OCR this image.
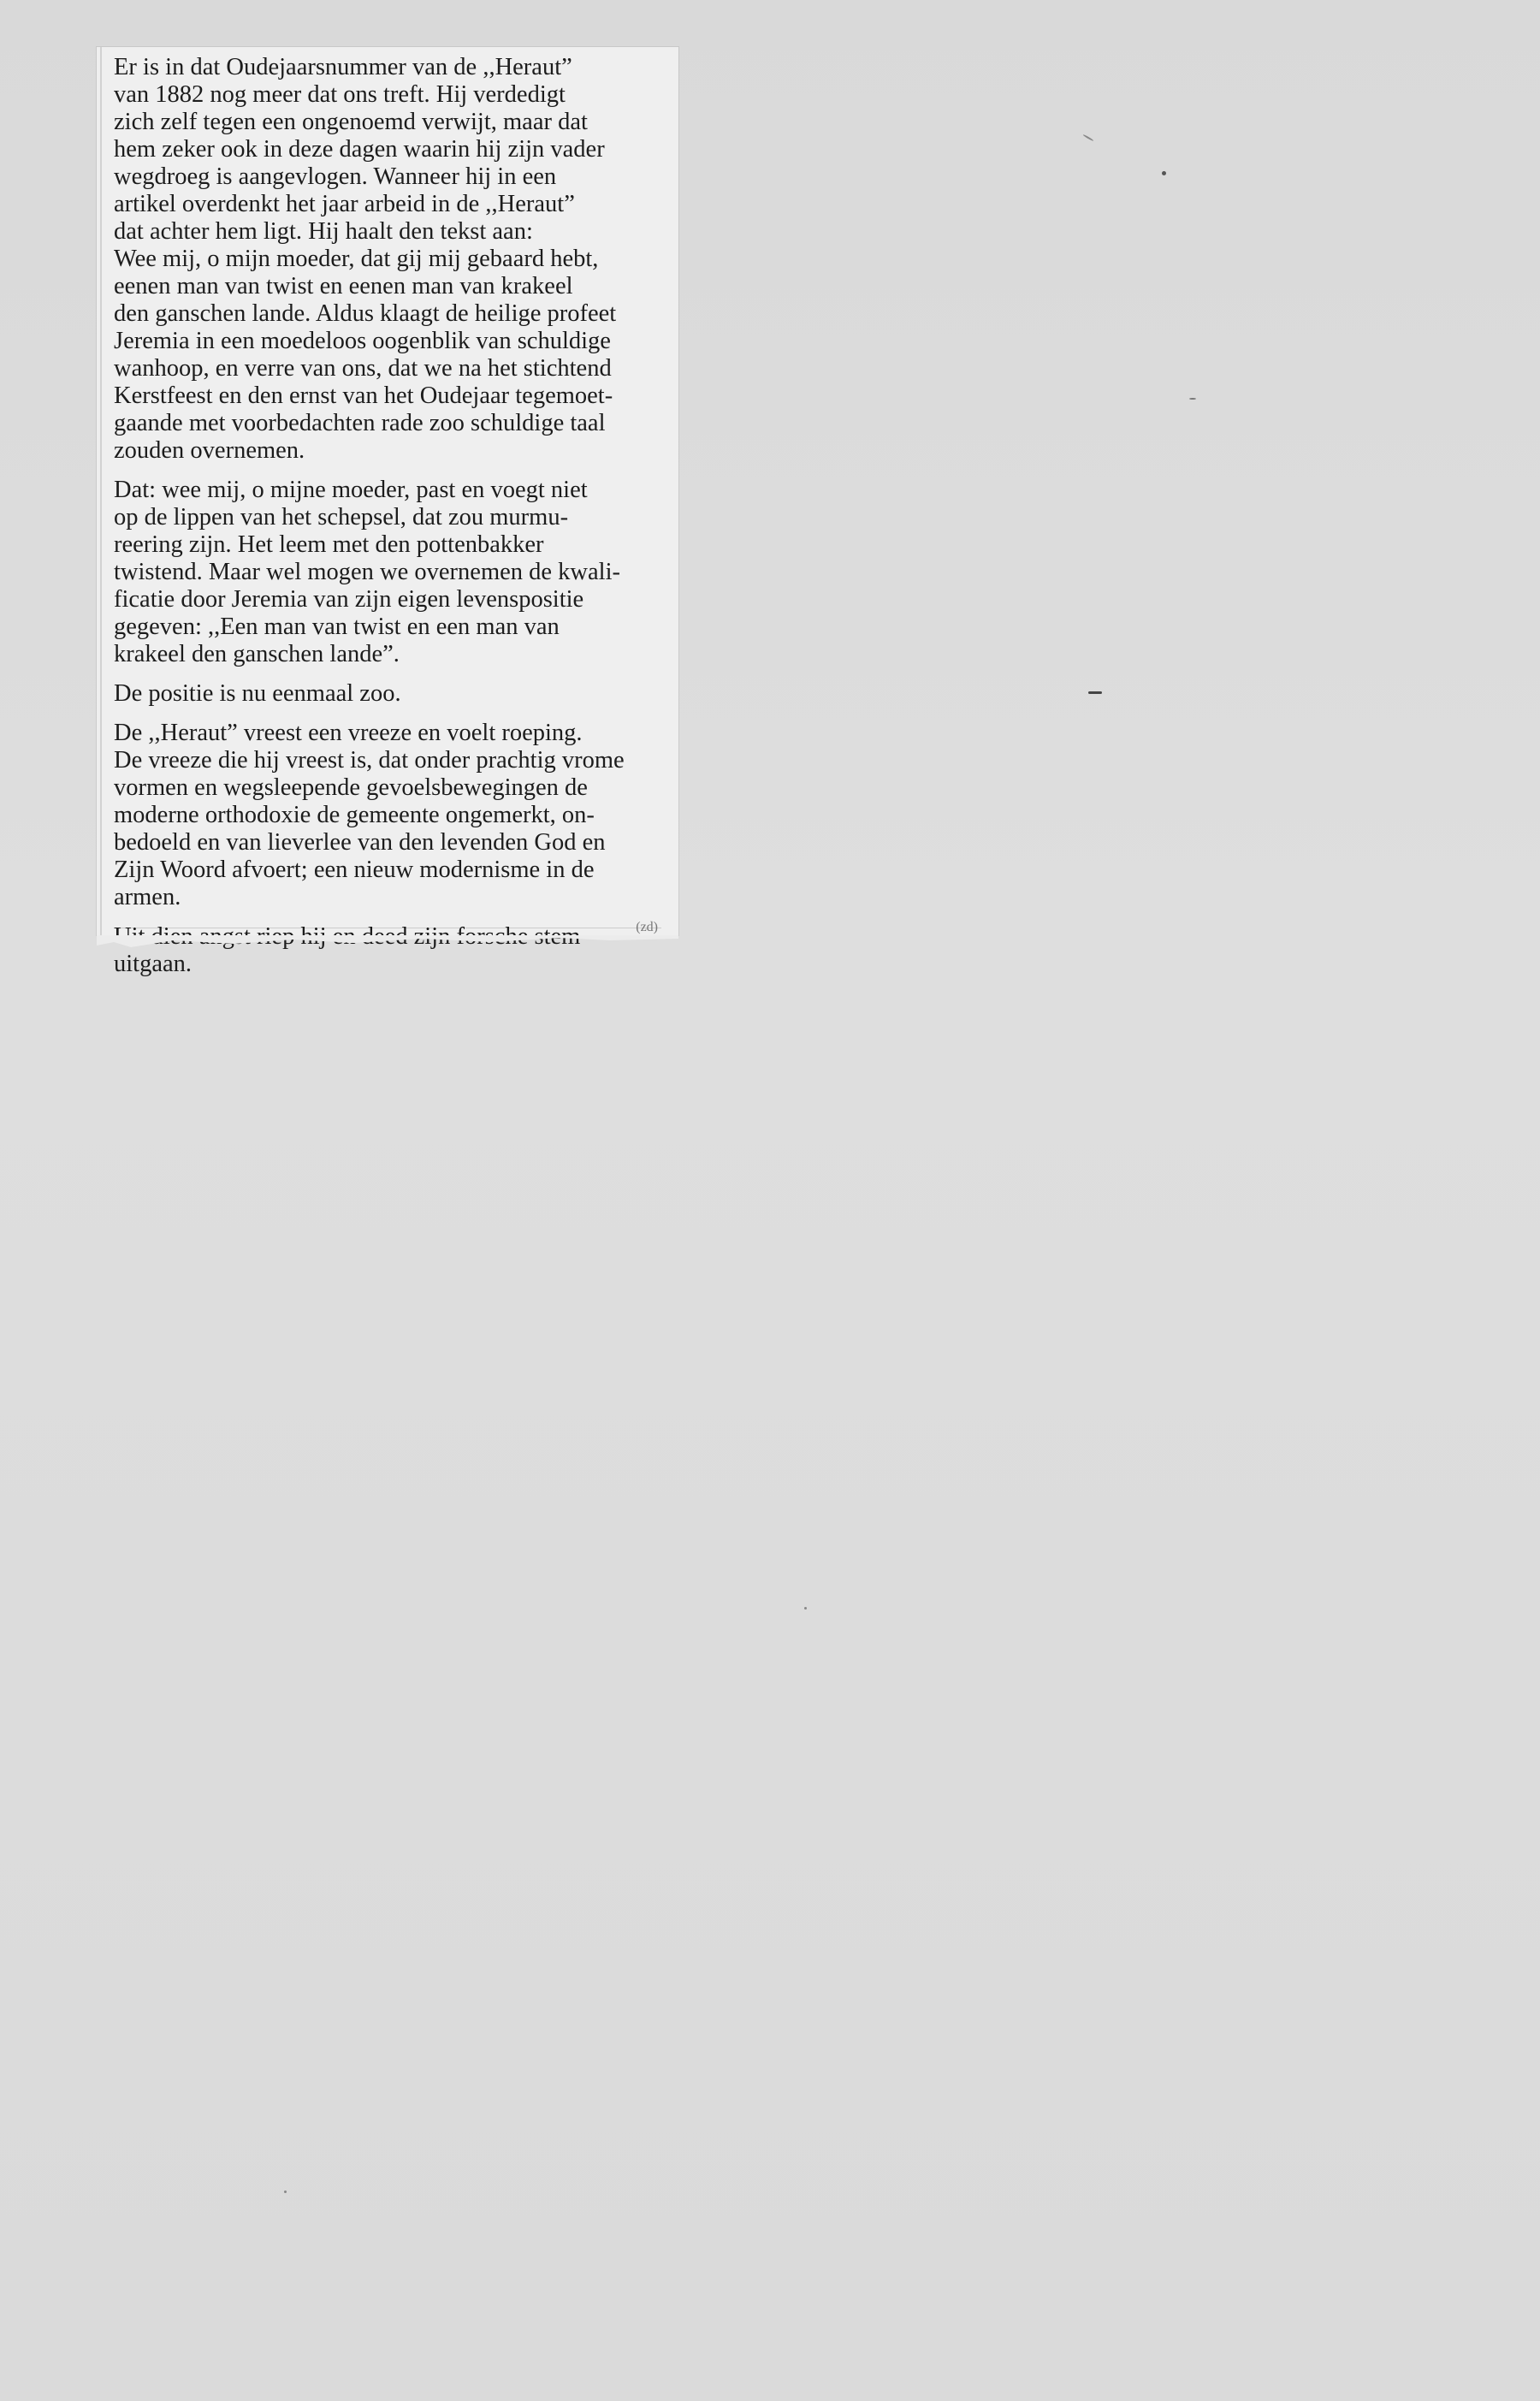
Er is in dat Oudejaarsnummer van de ,,Heraut”
van 1882 nog meer dat ons treft. Hij verdedigt
zich zelf tegen een ongenoemd verwijt, maar dat
hem zeker ook in deze dagen waarin hij zijn vader
wegdroeg is aangevlogen. Wanneer hij in een
artikel overdenkt het jaar arbeid in de ,,Heraut”
dat achter hem ligt. Hij haalt den tekst aan:
Wee mij, o mijn moeder, dat gij mij gebaard hebt,
eenen man van twist en eenen man van krakeel
den ganschen lande. Aldus klaagt de heilige profeet
Jeremia in een moedeloos oogenblik van schuldige
wanhoop, en verre van ons, dat we na het stichtend
Kerstfeest en den ernst van het Oudejaar tegemoet-
gaande met voorbedachten rade zoo schuldige taal
zouden overnemen.

Dat: wee mij, o mijne moeder, past en voegt niet
op de lippen van het schepsel, dat zou murmu-
reering zijn. Het leem met den pottenbakker
twistend. Maar wel mogen we overnemen de kwali-
ficatie door Jeremia van zijn eigen levenspositie
gegeven: ,,Een man van twist en een man van
krakeel den ganschen lande”.

De positie is nu eenmaal zoo.

De ,,Heraut” vreest een vreeze en voelt roeping.
De vreeze die hij vreest is, dat onder prachtig vrome
vormen en wegsleepende gevoelsbewegingen de
moderne orthodoxie de gemeente ongemerkt, on-
bedoeld en van lieverlee van den levenden God en
Zijn Woord afvoert; een nieuw modernisme in de
armen.

zijn stem
uitgaan.

(zd)
